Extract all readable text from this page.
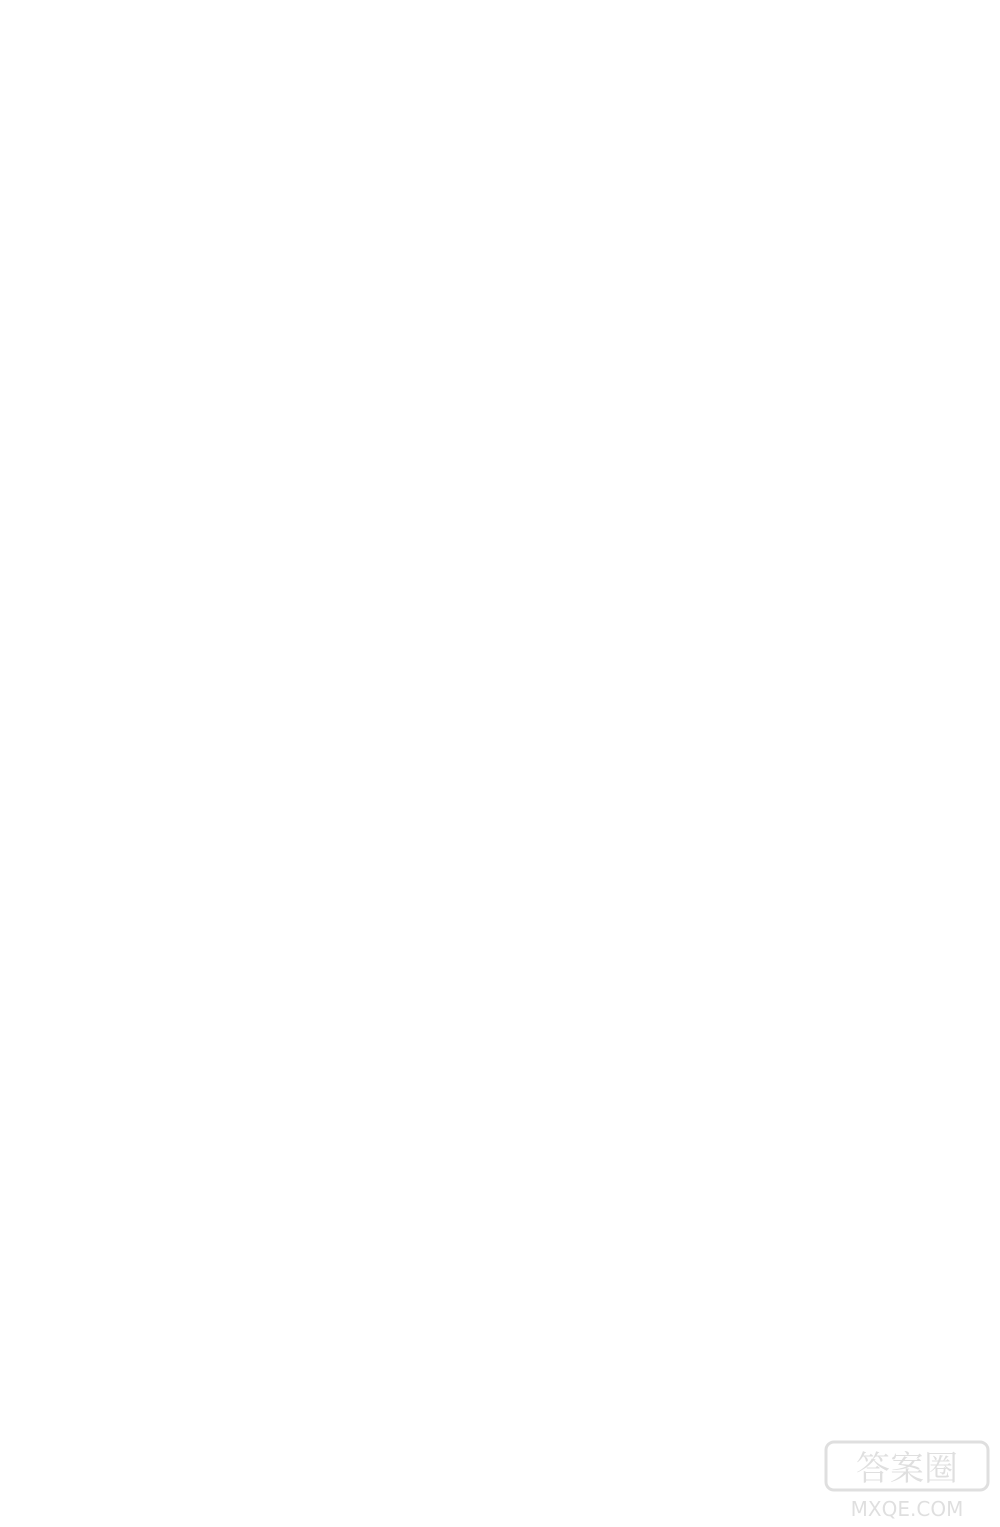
答案圈
MXQE.COM
